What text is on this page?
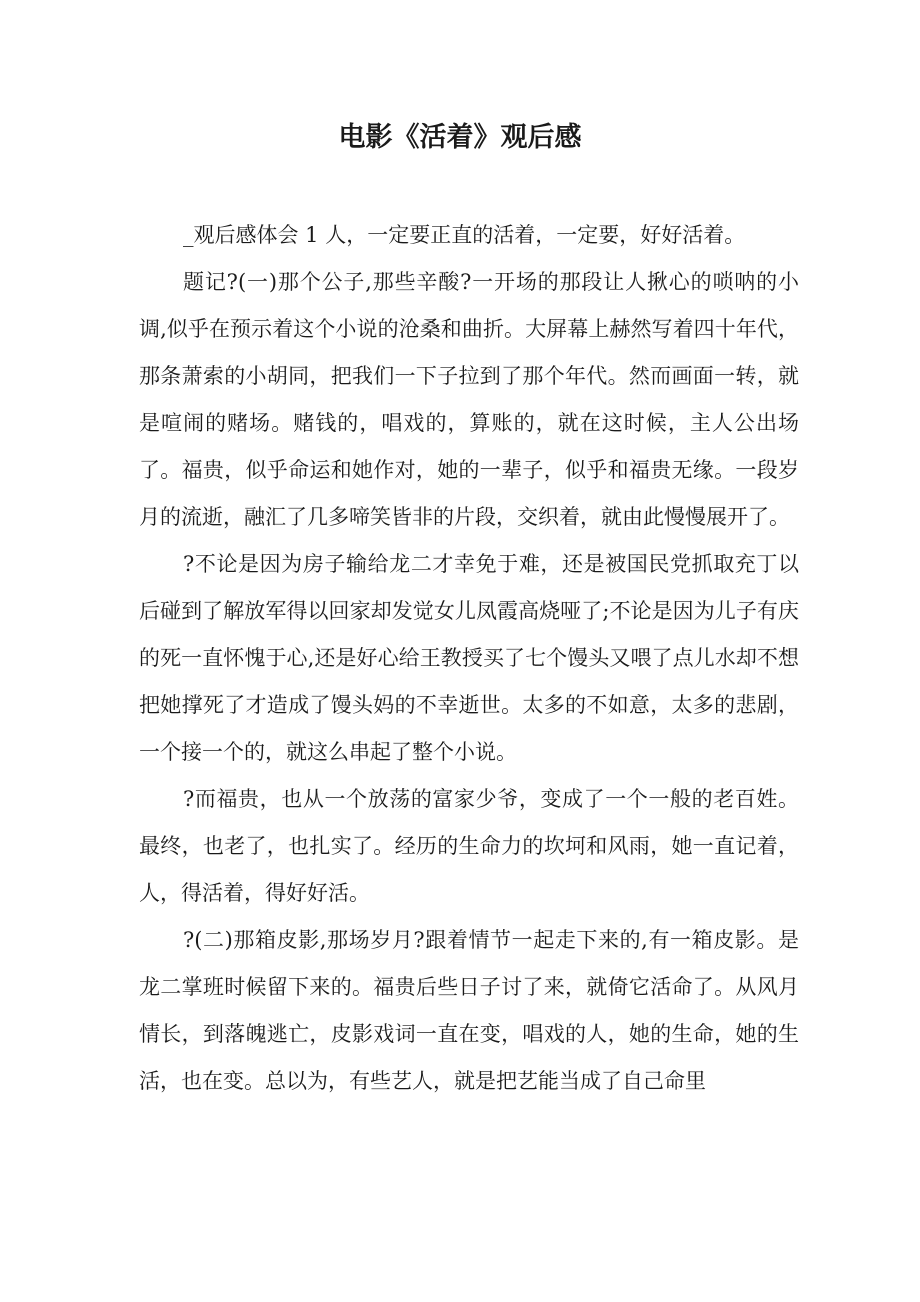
电影《活着》观后感

_观后感体会 1 人，一定要正直的活着，一定要，好好活着。

题记?(一)那个公子,那些辛酸?一开场的那段让人揪心的唢呐的小调,似乎在预示着这个小说的沧桑和曲折。大屏幕上赫然写着四十年代，那条萧索的小胡同，把我们一下子拉到了那个年代。然而画面一转，就是喧闹的赌场。赌钱的，唱戏的，算账的，就在这时候，主人公出场了。福贵，似乎命运和她作对，她的一辈子，似乎和福贵无缘。一段岁月的流逝，融汇了几多啼笑皆非的片段，交织着，就由此慢慢展开了。

?不论是因为房子输给龙二才幸免于难，还是被国民党抓取充丁以后碰到了解放军得以回家却发觉女儿凤霞高烧哑了;不论是因为儿子有庆的死一直怀愧于心,还是好心给王教授买了七个馒头又喂了点儿水却不想把她撑死了才造成了馒头妈的不幸逝世。太多的不如意，太多的悲剧，一个接一个的，就这么串起了整个小说。

?而福贵，也从一个放荡的富家少爷，变成了一个一般的老百姓。最终，也老了，也扎实了。经历的生命力的坎坷和风雨，她一直记着，人，得活着，得好好活。

?(二)那箱皮影,那场岁月?跟着情节一起走下来的,有一箱皮影。是龙二掌班时候留下来的。福贵后些日子讨了来，就倚它活命了。从风月情长，到落魄逃亡，皮影戏词一直在变，唱戏的人，她的生命，她的生活，也在变。总以为，有些艺人，就是把艺能当成了自己命里
